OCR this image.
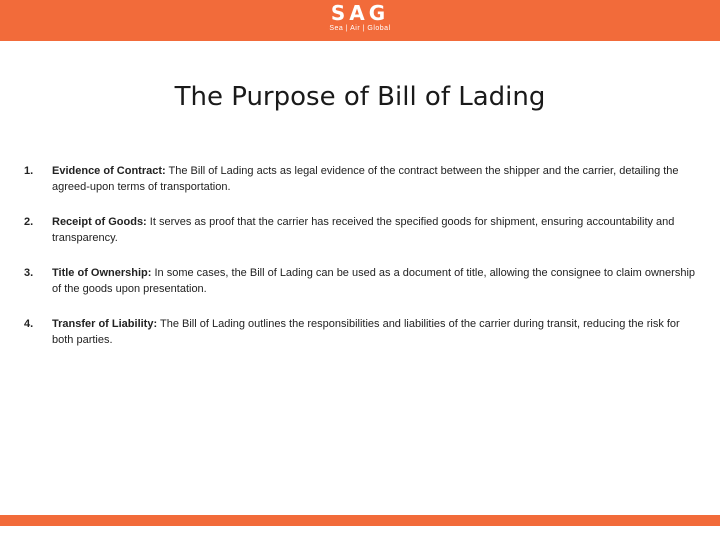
SAG
Sea | Air | Global
The Purpose of Bill of Lading
1. Evidence of Contract: The Bill of Lading acts as legal evidence of the contract between the shipper and the carrier, detailing the agreed-upon terms of transportation.
2. Receipt of Goods: It serves as proof that the carrier has received the specified goods for shipment, ensuring accountability and transparency.
3. Title of Ownership: In some cases, the Bill of Lading can be used as a document of title, allowing the consignee to claim ownership of the goods upon presentation.
4. Transfer of Liability: The Bill of Lading outlines the responsibilities and liabilities of the carrier during transit, reducing the risk for both parties.
